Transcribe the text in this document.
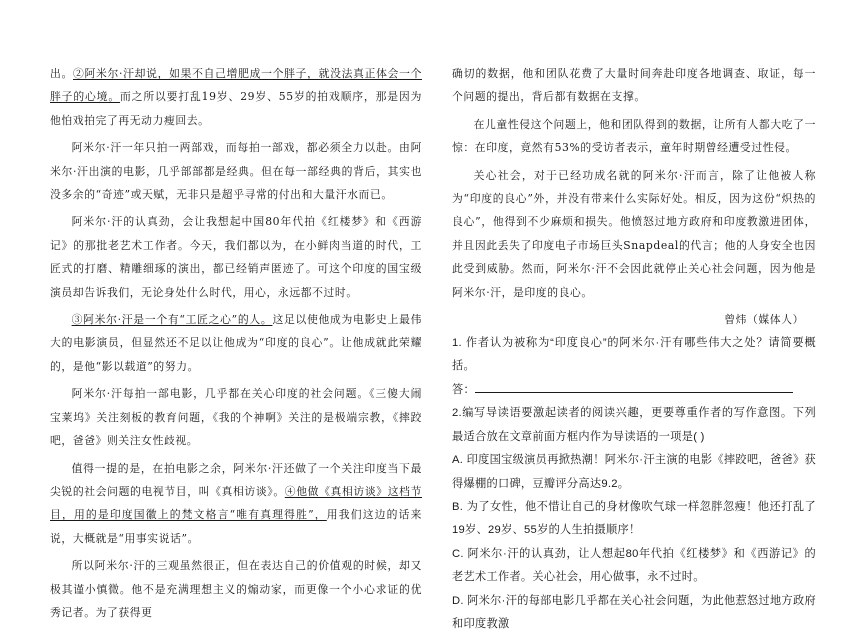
出。②阿米尔·汗却说，如果不自己增肥成一个胖子，就没法真正体会一个胖子的心境。而之所以要打乱19岁、29岁、55岁的拍戏顺序，那是因为他怕戏拍完了再无动力瘦回去。

阿米尔·汗一年只拍一两部戏，而每拍一部戏，都必须全力以赴。由阿米尔·汗出演的电影，几乎部部都是经典。但在每一部经典的背后，其实也没多余的“奇迹”或天赋，无非只是超乎寻常的付出和大量汗水而已。

阿米尔·汗的认真劲，会让我想起中国80年代拍《红楼梦》和《西游记》的那批老艺术工作者。今天，我们都以为，在小鲜肉当道的时代，工匠式的打磨、精雕细琢的演出，都已经销声匿迹了。可这个印度的国宝级演员却告诉我们，无论身处什么时代，用心，永远都不过时。

③阿米尔·汗是一个有“工匠之心”的人。这足以使他成为电影史上最伟大的电影演员，但显然还不足以让他成为“印度的良心”。让他成就此荣耀的，是他“影以载道”的努力。

阿米尔·汗每拍一部电影，几乎都在关心印度的社会问题。《三傻大闹宝莱坞》关注刻板的教育问题，《我的个神啊》关注的是极端宗教，《摔跤吧，爸爸》则关注女性歧视。

值得一提的是，在拍电影之余，阿米尔·汗还做了一个关注印度当下最尖锐的社会问题的电视节目，叫《真相访谈》。④他做《真相访谈》这档节目，用的是印度国徽上的梵文格言“唯有真理得胜”，用我们这边的话来说，大概就是“用事实说话”。

所以阿米尔·汗的三观虽然很正，但在表达自己的价值观的时候，却又极其谨小慎微。他不是充满理想主义的煽动家，而更像一个小心求证的优秀记者。为了获得更

确切的数据，他和团队花费了大量时间奔赴印度各地调查、取证，每一个问题的提出，背后都有数据在支撑。

在儿童性侵这个问题上，他和团队得到的数据，让所有人都大吃了一惊：在印度，竟然有53%的受访者表示，童年时期曾经遭受过性侵。

关心社会，对于已经功成名就的阿米尔·汗而言，除了让他被人称为“印度的良心”外，并没有带来什么实际好处。相反，因为这份“炽热的良心”，他得到不少麻烦和损失。他愤怒过地方政府和印度教激进团体，并且因此丢失了印度电子市场巨头Snapdeal的代言；他的人身安全也因此受到威胁。然而，阿米尔·汗不会因此就停止关心社会问题，因为他是阿米尔·汗，是印度的良心。

曾炜（媒体人）

1. 作者认为被称为“印度良心”的阿米尔·汗有哪些伟大之处？请简要概括。

答：

2.编写导读语要激起读者的阅读兴趣，更要尊重作者的写作意图。下列最适合放在文章前面方框内作为导读语的一项是( )

A. 印度国宝级演员再掀热潮！阿米尔·汗主演的电影《摔跤吧，爸爸》获得爆棚的口碑，豆瓣评分高达9.2。

B. 为了女性，他不惜让自己的身材像吹气球一样忽胖忽瘦！他还打乱了19岁、29岁、55岁的人生拍摄顺序！

C. 阿米尔·汗的认真劲，让人想起80年代拍《红楼梦》和《西游记》的老艺术工作者。关心社会，用心做事，永不过时。

D. 阿米尔·汗的每部电影几乎都在关心社会问题，为此他惹怒过地方政府和印度教激
